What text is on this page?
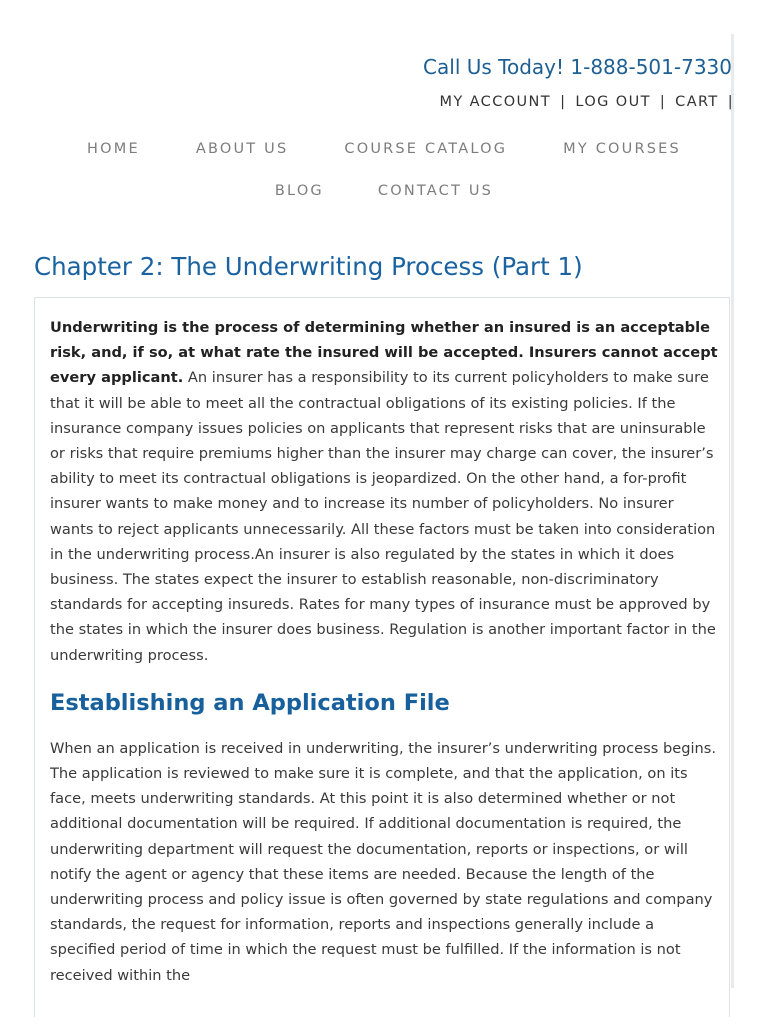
Call Us Today! 1-888-501-7330
MY ACCOUNT | LOG OUT | CART |
HOME	ABOUT US	COURSE CATALOG	MY COURSES
BLOG	CONTACT US
Chapter 2: The Underwriting Process (Part 1)

Underwriting is the process of determining whether an insured is an acceptable risk, and, if so, at what rate the insured will be accepted. Insurers cannot accept every applicant. An insurer has a responsibility to its current policyholders to make sure that it will be able to meet all the contractual obligations of its existing policies. If the insurance company issues policies on applicants that represent risks that are uninsurable or risks that require premiums higher than the insurer may charge can cover, the insurer’s ability to meet its contractual obligations is jeopardized. On the other hand, a for-profit insurer wants to make money and to increase its number of policyholders. No insurer wants to reject applicants unnecessarily. All these factors must be taken into consideration in the underwriting process.An insurer is also regulated by the states in which it does business. The states expect the insurer to establish reasonable, non-discriminatory standards for accepting insureds. Rates for many types of insurance must be approved by the states in which the insurer does business. Regulation is another important factor in the underwriting process.

Establishing an Application File

When an application is received in underwriting, the insurer’s underwriting process begins. The application is reviewed to make sure it is complete, and that the application, on its face, meets underwriting standards. At this point it is also determined whether or not additional documentation will be required. If additional documentation is required, the underwriting department will request the documentation, reports or inspections, or will notify the agent or agency that these items are needed. Because the length of the underwriting process and policy issue is often governed by state regulations and company standards, the request for information, reports and inspections generally include a specified period of time in which the request must be fulfilled. If the information is not received within the
